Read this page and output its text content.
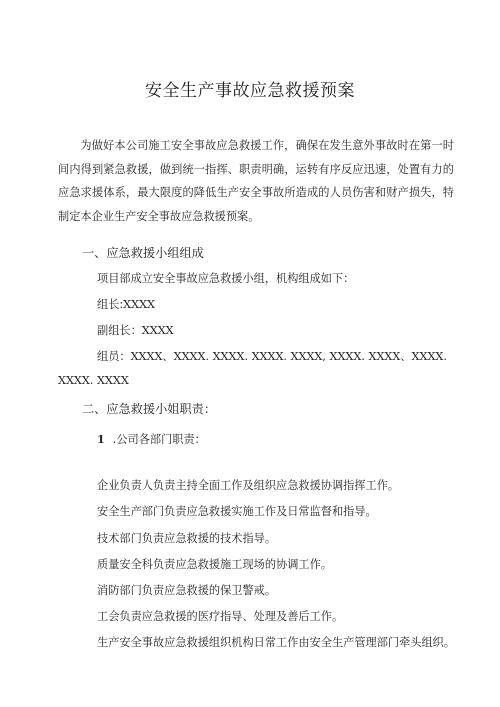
安全生产事故应急救援预案
为做好本公司施工安全事故应急救援工作，确保在发生意外事故时在第一时间内得到紧急救援，做到统一指挥、职责明确，运转有序反应迅速，处置有力的应急求援体系，最大限度的降低生产安全事故所造成的人员伤害和财产损失，特制定本企业生产安全事故应急救援预案。
一、应急救援小组组成
项目部成立安全事故应急救援小组，机构组成如下：
组长:XXXX
副组长：XXXX
组员：XXXX、XXXX. XXXX. XXXX. XXXX, XXXX. XXXX、XXXX.
XXXX. XXXX
二、应急救援小姐职责：
1 .公司各部门职责：
企业负责人负责主持全面工作及组织应急救援协调指挥工作。
安全生产部门负责应急救援实施工作及日常监督和指导。
技术部门负责应急救援的技术指导。
质量安全科负责应急救援施工现场的协调工作。
消防部门负责应急救援的保卫警戒。
工会负责应急救援的医疗指导、处理及善后工作。
生产安全事故应急救援组织机构日常工作由安全生产管理部门牵头组织。
